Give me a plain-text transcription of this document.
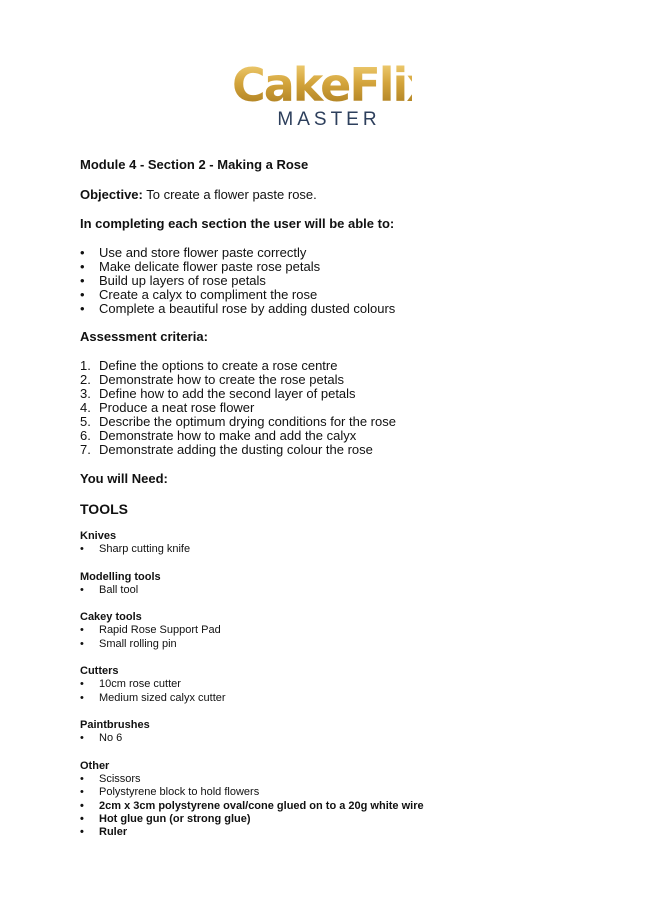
CakeFlix
MASTER

Module 4 - Section 2 - Making a Rose

Objective: To create a flower paste rose.

In completing each section the user will be able to:

• Use and store flower paste correctly
• Make delicate flower paste rose petals
• Build up layers of rose petals
• Create a calyx to compliment the rose
• Complete a beautiful rose by adding dusted colours

Assessment criteria:

1. Define the options to create a rose centre
2. Demonstrate how to create the rose petals
3. Define how to add the second layer of petals
4. Produce a neat rose flower
5. Describe the optimum drying conditions for the rose
6. Demonstrate how to make and add the calyx
7. Demonstrate adding the dusting colour the rose

You will Need:

TOOLS

Knives

• Sharp cutting knife

Modelling tools

• Ball tool

Cakey tools

• Rapid Rose Support Pad
• Small rolling pin

Cutters

• 10cm rose cutter
• Medium sized calyx cutter

Paintbrushes

• No 6

Other

• Scissors
• Polystyrene block to hold flowers
• 2cm x 3cm polystyrene oval/cone glued on to a 20g white wire
• Hot glue gun (or strong glue)
• Ruler
